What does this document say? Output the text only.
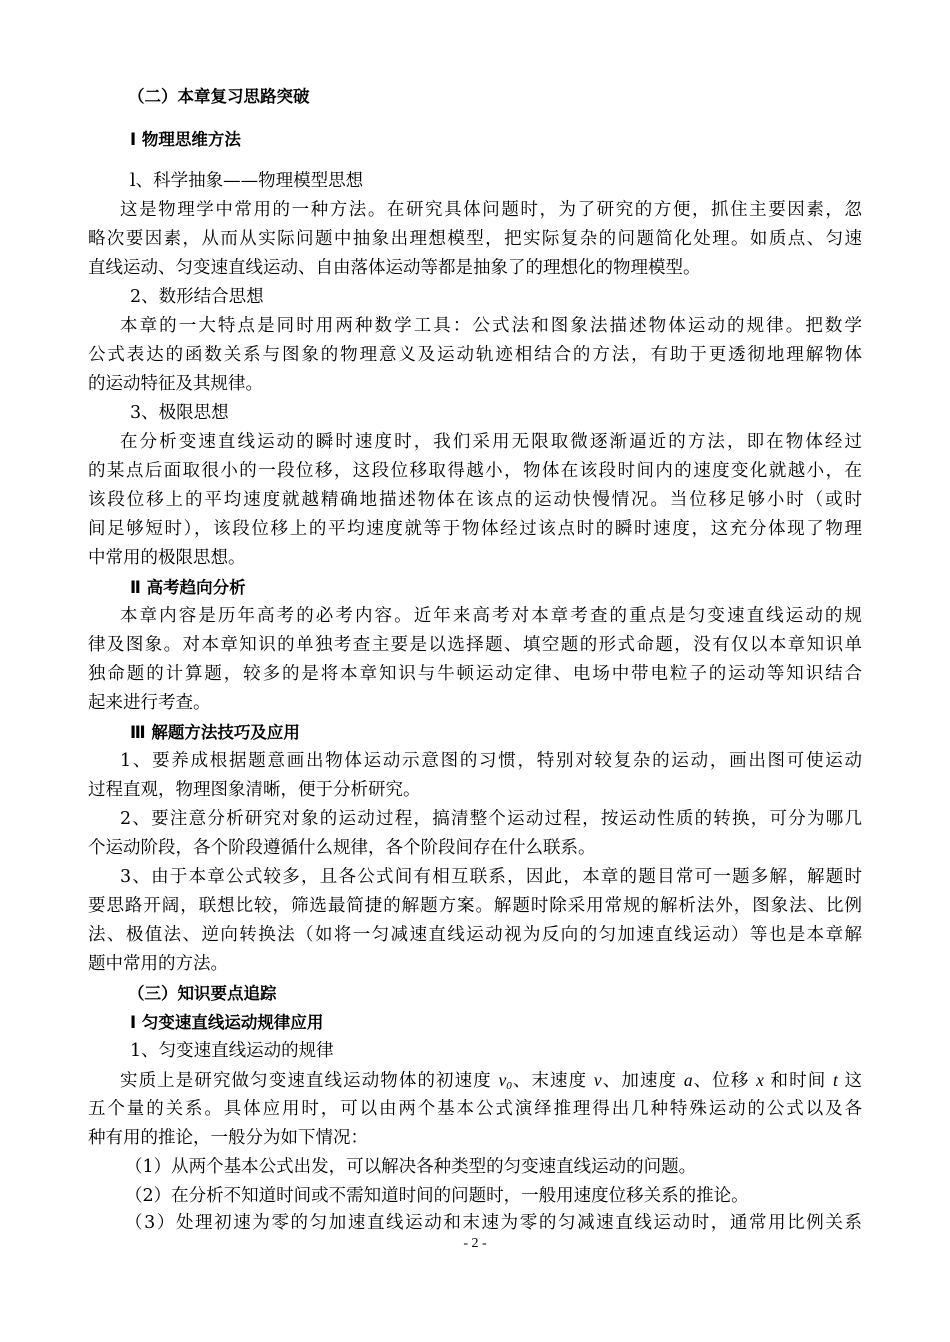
（二）本章复习思路突破
Ⅰ 物理思维方法
l、科学抽象——物理模型思想
这是物理学中常用的一种方法。在研究具体问题时，为了研究的方便，抓住主要因素，忽
略次要因素，从而从实际问题中抽象出理想模型，把实际复杂的问题简化处理。如质点、匀速
直线运动、匀变速直线运动、自由落体运动等都是抽象了的理想化的物理模型。
2、数形结合思想
本章的一大特点是同时用两种数学工具：公式法和图象法描述物体运动的规律。把数学
公式表达的函数关系与图象的物理意义及运动轨迹相结合的方法，有助于更透彻地理解物体
的运动特征及其规律。
3、极限思想
在分析变速直线运动的瞬时速度时，我们采用无限取微逐渐逼近的方法，即在物体经过
的某点后面取很小的一段位移，这段位移取得越小，物体在该段时间内的速度变化就越小，在
该段位移上的平均速度就越精确地描述物体在该点的运动快慢情况。当位移足够小时（或时
间足够短时），该段位移上的平均速度就等于物体经过该点时的瞬时速度，这充分体现了物理
中常用的极限思想。
Ⅱ 高考趋向分析
本章内容是历年高考的必考内容。近年来高考对本章考查的重点是匀变速直线运动的规
律及图象。对本章知识的单独考查主要是以选择题、填空题的形式命题，没有仅以本章知识单
独命题的计算题，较多的是将本章知识与牛顿运动定律、电场中带电粒子的运动等知识结合
起来进行考查。
Ⅲ 解题方法技巧及应用
1、要养成根据题意画出物体运动示意图的习惯，特别对较复杂的运动，画出图可使运动
过程直观，物理图象清晰，便于分析研究。
2、要注意分析研究对象的运动过程，搞清整个运动过程，按运动性质的转换，可分为哪几
个运动阶段，各个阶段遵循什么规律，各个阶段间存在什么联系。
3、由于本章公式较多，且各公式间有相互联系，因此，本章的题目常可一题多解，解题时
要思路开阔，联想比较，筛选最简捷的解题方案。解题时除采用常规的解析法外，图象法、比例
法、极值法、逆向转换法（如将一匀减速直线运动视为反向的匀加速直线运动）等也是本章解
题中常用的方法。
（三）知识要点追踪
Ⅰ 匀变速直线运动规律应用
1、匀变速直线运动的规律
实质上是研究做匀变速直线运动物体的初速度 $v_0$、末速度 v、加速度 a、位移 x 和时间 t 这
五个量的关系。具体应用时，可以由两个基本公式演绎推理得出几种特殊运动的公式以及各
种有用的推论，一般分为如下情况：
（1）从两个基本公式出发，可以解决各种类型的匀变速直线运动的问题。
（2）在分析不知道时间或不需知道时间的问题时，一般用速度位移关系的推论。
（3）处理初速为零的匀加速直线运动和末速为零的匀减速直线运动时，通常用比例关系
- 2 -
